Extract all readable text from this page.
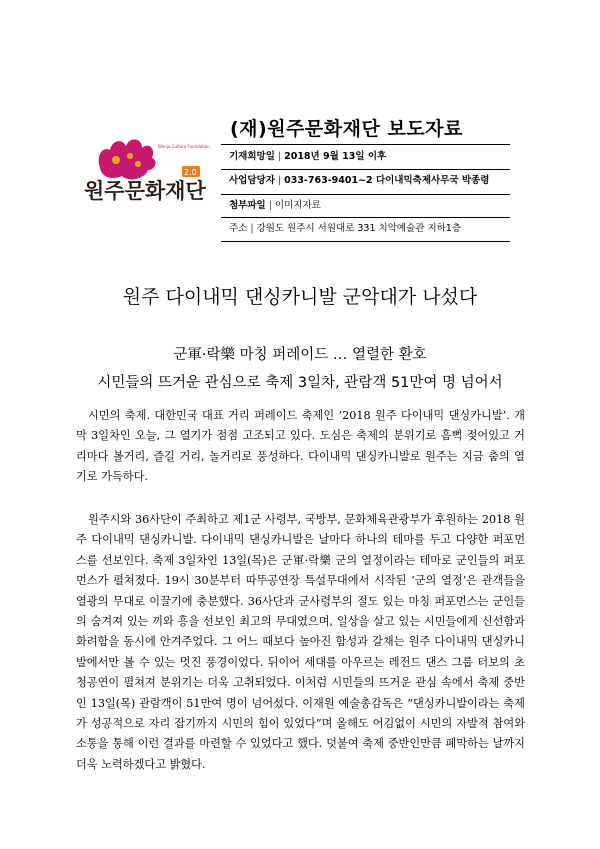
원주문화재단
2.0
Wonju Culture Foundation
(재)원주문화재단 보도자료
기재희망일 | 2018년 9월 13일 이후
사업담당자 | 033-763-9401~2 다이내믹축제사무국 박종령
첨부파일 | 이미지자료
주소 | 강원도 원주시 서원대로 331 치악예술관 지하1층
원주 다이내믹 댄싱카니발 군악대가 나섰다
군軍·락樂 마칭 퍼레이드 … 열렬한 환호
시민들의 뜨거운 관심으로 축제 3일차, 관람객 51만여 명 넘어서

시민의 축제. 대한민국 대표 거리 퍼레이드 축제인 ‘2018 원주 다이내믹 댄싱카니발’. 개막 3일차인 오늘, 그 열기가 점점 고조되고 있다. 도심은 축제의 분위기로 흠뻑 젖어있고 거리마다 볼거리, 즐길 거리, 놀거리로 풍성하다. 다이내믹 댄싱카니발로 원주는 지금 춤의 열기로 가득하다.

원주시와 36사단이 주최하고 제1군 사령부, 국방부, 문화체육관광부가 후원하는 2018 원주 다이내믹 댄싱카니발. 다이내믹 댄싱카니발은 날마다 하나의 테마를 두고 다양한 퍼포먼스를 선보인다. 축제 3일차인 13일(목)은 군軍·락樂 군의 열정이라는 테마로 군인들의 퍼포먼스가 펼쳐졌다. 19시 30분부터 따뚜공연장 특설무대에서 시작된 ‘군의 열정’은 관객들을 열광의 무대로 이끌기에 충분했다. 36사단과 군사령부의 절도 있는 마칭 퍼포먼스는 군인들의 숨겨져 있는 끼와 흥을 선보인 최고의 무대였으며, 일상을 살고 있는 시민들에게 신선함과 화려함을 동시에 안겨주었다. 그 어느 때보다 높아진 함성과 갈채는 원주 다이내믹 댄싱카니발에서만 볼 수 있는 멋진 풍경이었다. 뒤이어 세대를 아우르는 레전드 댄스 그룹 터보의 초청공연이 펼쳐져 분위기는 더욱 고취되었다. 이처럼 시민들의 뜨거운 관심 속에서 축제 중반인 13일(목) 관람객이 51만여 명이 넘어섰다. 이재원 예술총감독은 “댄싱카니발이라는 축제가 성공적으로 자리 잡기까지 시민의 힘이 있었다”며 올해도 어김없이 시민의 자발적 참여와 소통을 통해 이런 결과를 마련할 수 있었다고 했다. 덧붙여 축제 중반인만큼 폐막하는 날까지 더욱 노력하겠다고 밝혔다.
